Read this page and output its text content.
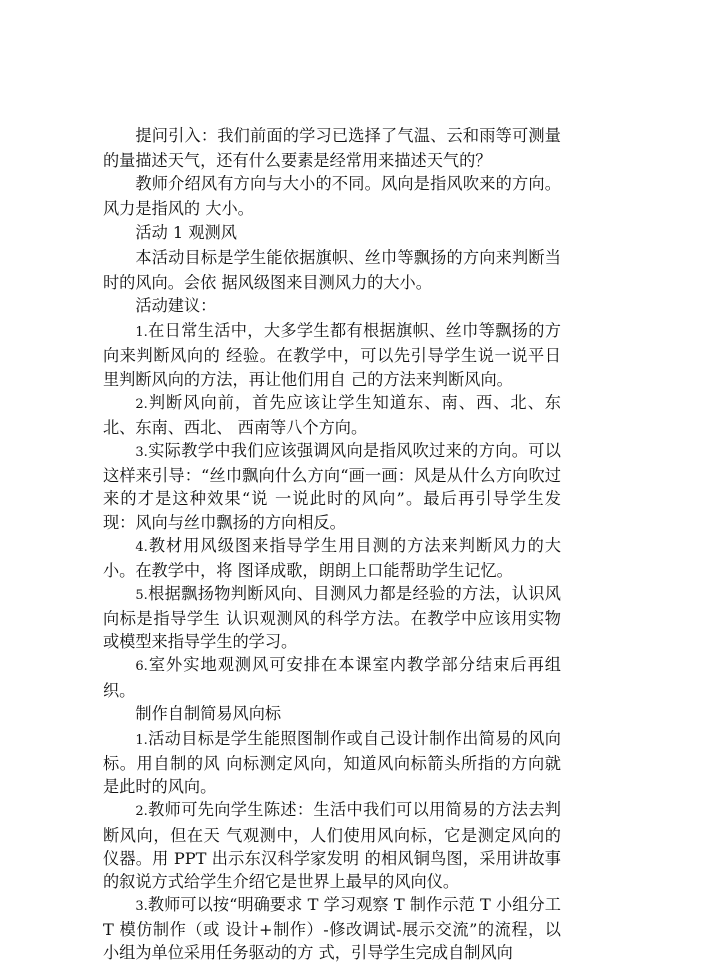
提问引入：我们前面的学习已选择了气温、云和雨等可测量的量描述天气，还有什么要素是经常用来描述天气的？

教师介绍风有方向与大小的不同。风向是指风吹来的方向。风力是指风的 大小。

活动 1 观测风

本活动目标是学生能依据旗帜、丝巾等飘扬的方向来判断当时的风向。会依 据风级图来目测风力的大小。

活动建议：

1.在日常生活中，大多学生都有根据旗帜、丝巾等飘扬的方向来判断风向的 经验。在教学中，可以先引导学生说一说平日里判断风向的方法，再让他们用自 己的方法来判断风向。

2.判断风向前，首先应该让学生知道东、南、西、北、东北、东南、西北、 西南等八个方向。

3.实际教学中我们应该强调风向是指风吹过来的方向。可以这样来引导：“丝巾飘向什么方向“画一画：风是从什么方向吹过来的才是这种效果“说 一说此时的风向”。最后再引导学生发现：风向与丝巾飘扬的方向相反。

4.教材用风级图来指导学生用目测的方法来判断风力的大小。在教学中，将 图译成歌，朗朗上口能帮助学生记忆。

5.根据飘扬物判断风向、目测风力都是经验的方法，认识风向标是指导学生 认识观测风的科学方法。在教学中应该用实物或模型来指导学生的学习。

6.室外实地观测风可安排在本课室内教学部分结束后再组织。

制作自制简易风向标

1.活动目标是学生能照图制作或自己设计制作出简易的风向标。用自制的风 向标测定风向，知道风向标箭头所指的方向就是此时的风向。

2.教师可先向学生陈述：生活中我们可以用简易的方法去判断风向，但在天 气观测中，人们使用风向标，它是测定风向的仪器。用 PPT 出示东汉科学家发明 的相风铜鸟图，采用讲故事的叙说方式给学生介绍它是世界上最早的风向仪。

3.教师可以按“明确要求 T 学习观察 T 制作示范 T 小组分工 T 模仿制作（或 设计+制作）-修改调试-展示交流”的流程，以小组为单位采用任务驱动的方 式，引导学生完成自制风向
